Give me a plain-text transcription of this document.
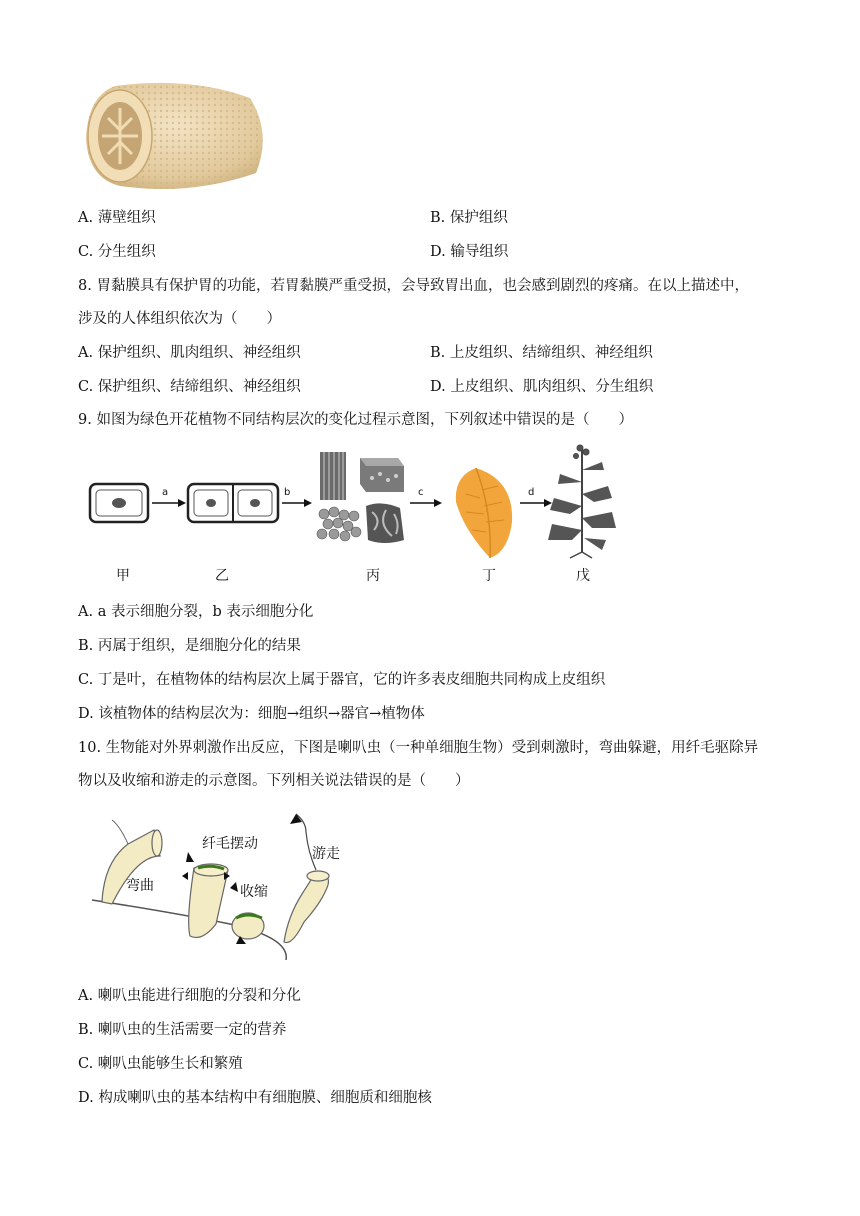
A. 薄壁组织	B. 保护组织
C. 分生组织	D. 输导组织
8. 胃黏膜具有保护胃的功能，若胃黏膜严重受损，会导致胃出血，也会感到剧烈的疼痛。在以上描述中，
涉及的人体组织依次为（　　）
A. 保护组织、肌肉组织、神经组织	B. 上皮组织、结缔组织、神经组织
C. 保护组织、结缔组织、神经组织	D. 上皮组织、肌肉组织、分生组织
9. 如图为绿色开花植物不同结构层次的变化过程示意图，下列叙述中错误的是（　　）
a	b	c	d
甲	乙	丙	丁	戊
A. a 表示细胞分裂，b 表示细胞分化
B. 丙属于组织，是细胞分化的结果
C. 丁是叶，在植物体的结构层次上属于器官，它的许多表皮细胞共同构成上皮组织
D. 该植物体的结构层次为：细胞→组织→器官→植物体
10. 生物能对外界刺激作出反应，下图是喇叭虫（一种单细胞生物）受到刺激时，弯曲躲避，用纤毛驱除异
物以及收缩和游走的示意图。下列相关说法错误的是（　　）
弯曲
纤毛摆动
收缩
游走
A. 喇叭虫能进行细胞的分裂和分化
B. 喇叭虫的生活需要一定的营养
C. 喇叭虫能够生长和繁殖
D. 构成喇叭虫的基本结构中有细胞膜、细胞质和细胞核
